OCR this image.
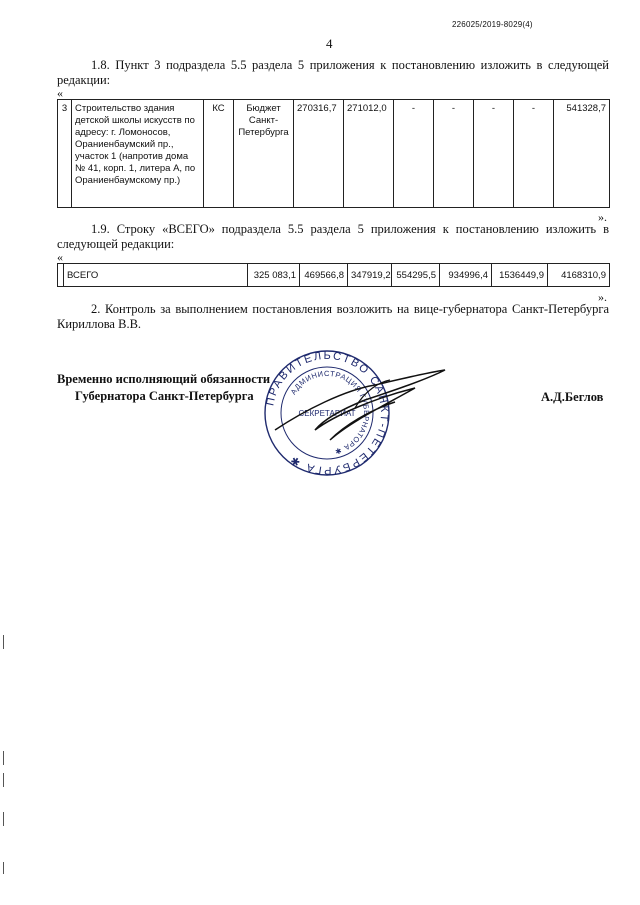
226025/2019-8029(4)
4
1.8. Пункт 3 подраздела 5.5 раздела 5 приложения к постановлению изложить в следующей редакции:
«
3	Строительство здания детской школы искусств по адресу: г. Ломоносов, Ораниенбаумский пр., участок 1 (напротив дома № 41, корп. 1, литера А, по Ораниенбаумскому пр.)	КС	Бюджет Санкт-Петербурга	270316,7	271012,0	-	-	-	-	541328,7
».
1.9. Строку «ВСЕГО» подраздела 5.5 раздела 5 приложения к постановлению изложить в следующей редакции:
«
	ВСЕГО	325 083,1	469566,8	347919,2	554295,5	934996,4	1536449,9	4168310,9
».
2. Контроль за выполнением постановления возложить на вице-губернатора Санкт-Петербурга Кириллова В.В.
Временно исполняющий обязанности
Губернатора Санкт-Петербурга	А.Д.Беглов
ПРАВИТЕЛЬСТВО САНКТ-ПЕТЕРБУРГА ✱
АДМИНИСТРАЦИЯ ГУБЕРНАТОРА ✱
СЕКРЕТАРИАТ
